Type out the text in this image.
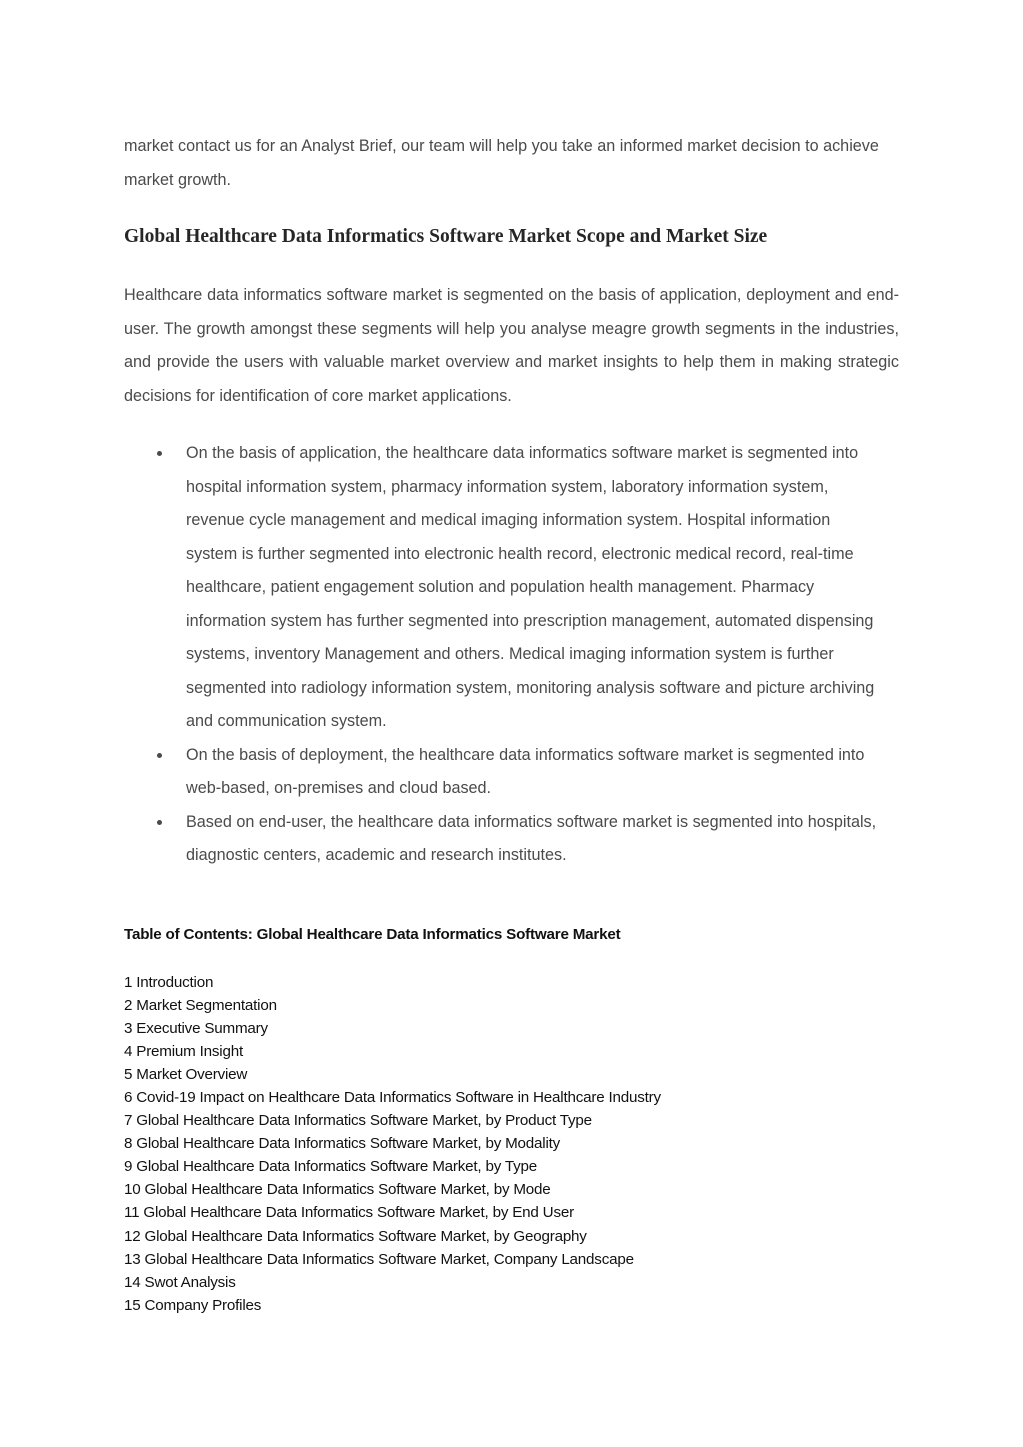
market contact us for an Analyst Brief, our team will help you take an informed market decision to achieve market growth.

Global Healthcare Data Informatics Software Market Scope and Market Size

Healthcare data informatics software market is segmented on the basis of application, deployment and end-user. The growth amongst these segments will help you analyse meagre growth segments in the industries, and provide the users with valuable market overview and market insights to help them in making strategic decisions for identification of core market applications.

On the basis of application, the healthcare data informatics software market is segmented into hospital information system, pharmacy information system, laboratory information system, revenue cycle management and medical imaging information system. Hospital information system is further segmented into electronic health record, electronic medical record, real-time healthcare, patient engagement solution and population health management. Pharmacy information system has further segmented into prescription management, automated dispensing systems, inventory Management and others. Medical imaging information system is further segmented into radiology information system, monitoring analysis software and picture archiving and communication system.
On the basis of deployment, the healthcare data informatics software market is segmented into web-based, on-premises and cloud based.
Based on end-user, the healthcare data informatics software market is segmented into hospitals, diagnostic centers, academic and research institutes.
Table of Contents: Global Healthcare Data Informatics Software Market
1 Introduction
2 Market Segmentation
3 Executive Summary
4 Premium Insight
5 Market Overview
6 Covid-19 Impact on Healthcare Data Informatics Software in Healthcare Industry
7 Global Healthcare Data Informatics Software Market, by Product Type
8 Global Healthcare Data Informatics Software Market, by Modality
9 Global Healthcare Data Informatics Software Market, by Type
10 Global Healthcare Data Informatics Software Market, by Mode
11 Global Healthcare Data Informatics Software Market, by End User
12 Global Healthcare Data Informatics Software Market, by Geography
13 Global Healthcare Data Informatics Software Market, Company Landscape
14 Swot Analysis
15 Company Profiles
